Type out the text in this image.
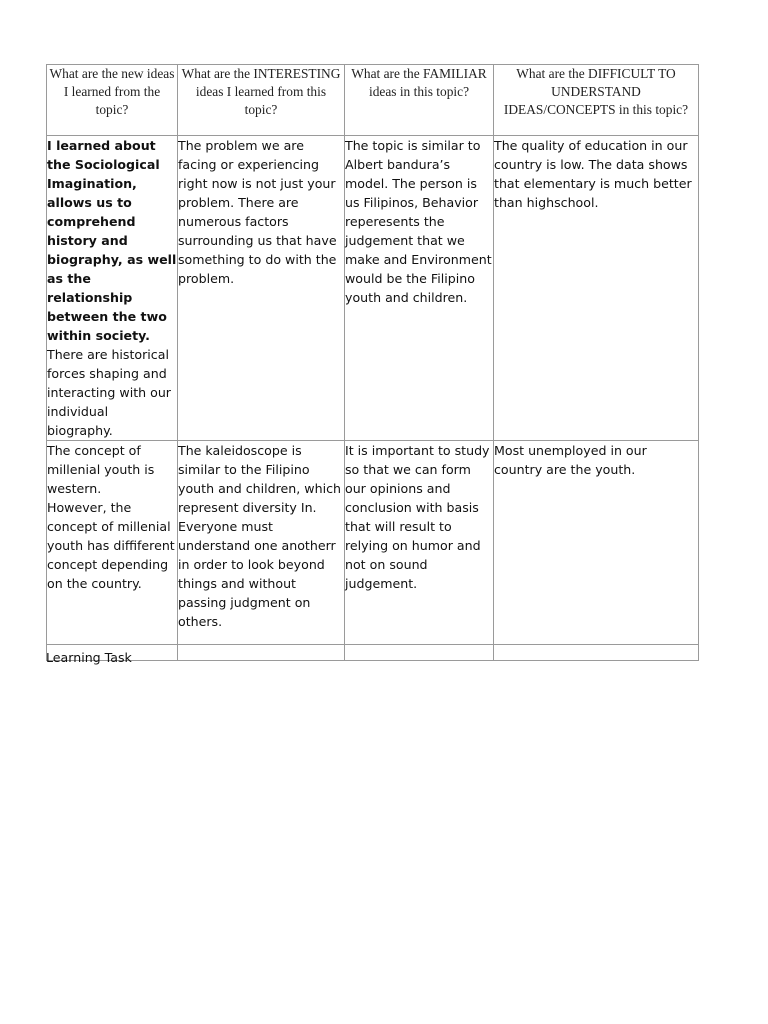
What are the new ideas I learned from the topic?	What are the INTERESTING ideas I learned from this topic?	What are the FAMILIAR ideas in this topic?	What are the DIFFICULT TO UNDERSTAND IDEAS/CONCEPTS in this topic?

I learned about the Sociological Imagination, allows us to comprehend history and biography, as well as the relationship between the two within society.
There are historical forces shaping and interacting with our individual biography.	The problem we are facing or experiencing right now is not just your problem. There are numerous factors surrounding us that have something to do with the problem.	The topic is similar to Albert bandura’s model. The person is us Filipinos, Behavior reperesents the judgement that we make and Environment would be the Filipino youth and children.	The quality of education in our country is low. The data shows that elementary is much better than highschool.

The concept of millenial youth is western.
However, the concept of millenial youth has diffiferent concept depending on the country.	The kaleidoscope is similar to the Filipino youth and children, which represent diversity In. Everyone must understand one anotherr in order to look beyond things and without passing judgment on others.	It is important to study so that we can form our opinions and conclusion with basis that will result to relying on humor and not on sound judgement.	Most unemployed in our country are the youth.

Learning Task
